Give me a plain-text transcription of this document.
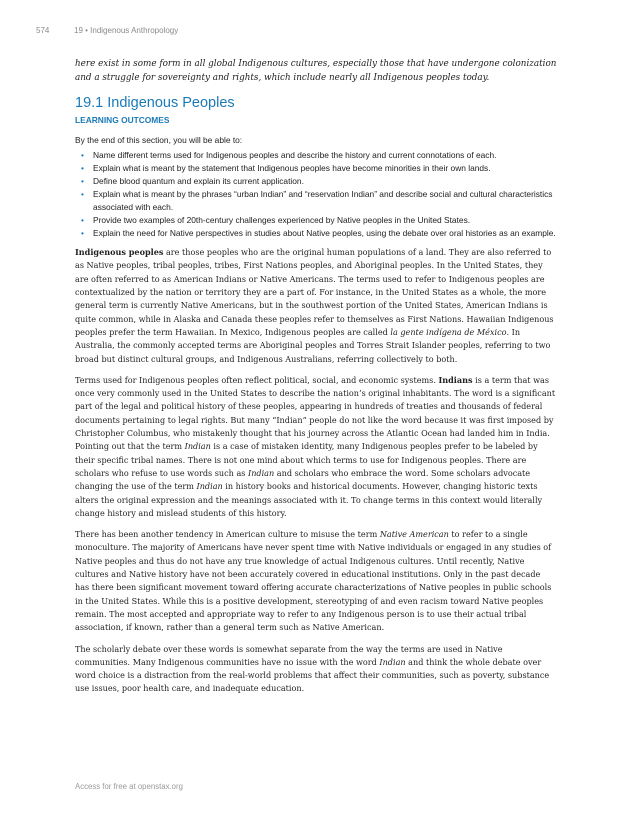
574	19 • Indigenous Anthropology

here exist in some form in all global Indigenous cultures, especially those that have undergone colonization and a struggle for sovereignty and rights, which include nearly all Indigenous peoples today.

19.1 Indigenous Peoples
LEARNING OUTCOMES

By the end of this section, you will be able to:

• Name different terms used for Indigenous peoples and describe the history and current connotations of each.
• Explain what is meant by the statement that Indigenous peoples have become minorities in their own lands.
• Define blood quantum and explain its current application.
• Explain what is meant by the phrases “urban Indian” and “reservation Indian” and describe social and cultural characteristics associated with each.
• Provide two examples of 20th-century challenges experienced by Native peoples in the United States.
• Explain the need for Native perspectives in studies about Native peoples, using the debate over oral histories as an example.

Indigenous peoples are those peoples who are the original human populations of a land. They are also referred to as Native peoples, tribal peoples, tribes, First Nations peoples, and Aboriginal peoples. In the United States, they are often referred to as American Indians or Native Americans. The terms used to refer to Indigenous peoples are contextualized by the nation or territory they are a part of. For instance, in the United States as a whole, the more general term is currently Native Americans, but in the southwest portion of the United States, American Indians is quite common, while in Alaska and Canada these peoples refer to themselves as First Nations. Hawaiian Indigenous peoples prefer the term Hawaiian. In Mexico, Indigenous peoples are called la gente indígena de México. In Australia, the commonly accepted terms are Aboriginal peoples and Torres Strait Islander peoples, referring to two broad but distinct cultural groups, and Indigenous Australians, referring collectively to both.

Terms used for Indigenous peoples often reflect political, social, and economic systems. Indians is a term that was once very commonly used in the United States to describe the nation’s original inhabitants. The word is a significant part of the legal and political history of these peoples, appearing in hundreds of treaties and thousands of federal documents pertaining to legal rights. But many “Indian” people do not like the word because it was first imposed by Christopher Columbus, who mistakenly thought that his journey across the Atlantic Ocean had landed him in India. Pointing out that the term Indian is a case of mistaken identity, many Indigenous peoples prefer to be labeled by their specific tribal names. There is not one mind about which terms to use for Indigenous peoples. There are scholars who refuse to use words such as Indian and scholars who embrace the word. Some scholars advocate changing the use of the term Indian in history books and historical documents. However, changing historic texts alters the original expression and the meanings associated with it. To change terms in this context would literally change history and mislead students of this history.

There has been another tendency in American culture to misuse the term Native American to refer to a single monoculture. The majority of Americans have never spent time with Native individuals or engaged in any studies of Native peoples and thus do not have any true knowledge of actual Indigenous cultures. Until recently, Native cultures and Native history have not been accurately covered in educational institutions. Only in the past decade has there been significant movement toward offering accurate characterizations of Native peoples in public schools in the United States. While this is a positive development, stereotyping of and even racism toward Native peoples remain. The most accepted and appropriate way to refer to any Indigenous person is to use their actual tribal association, if known, rather than a general term such as Native American.

The scholarly debate over these words is somewhat separate from the way the terms are used in Native communities. Many Indigenous communities have no issue with the word Indian and think the whole debate over word choice is a distraction from the real-world problems that affect their communities, such as poverty, substance use issues, poor health care, and inadequate education.

Access for free at openstax.org
